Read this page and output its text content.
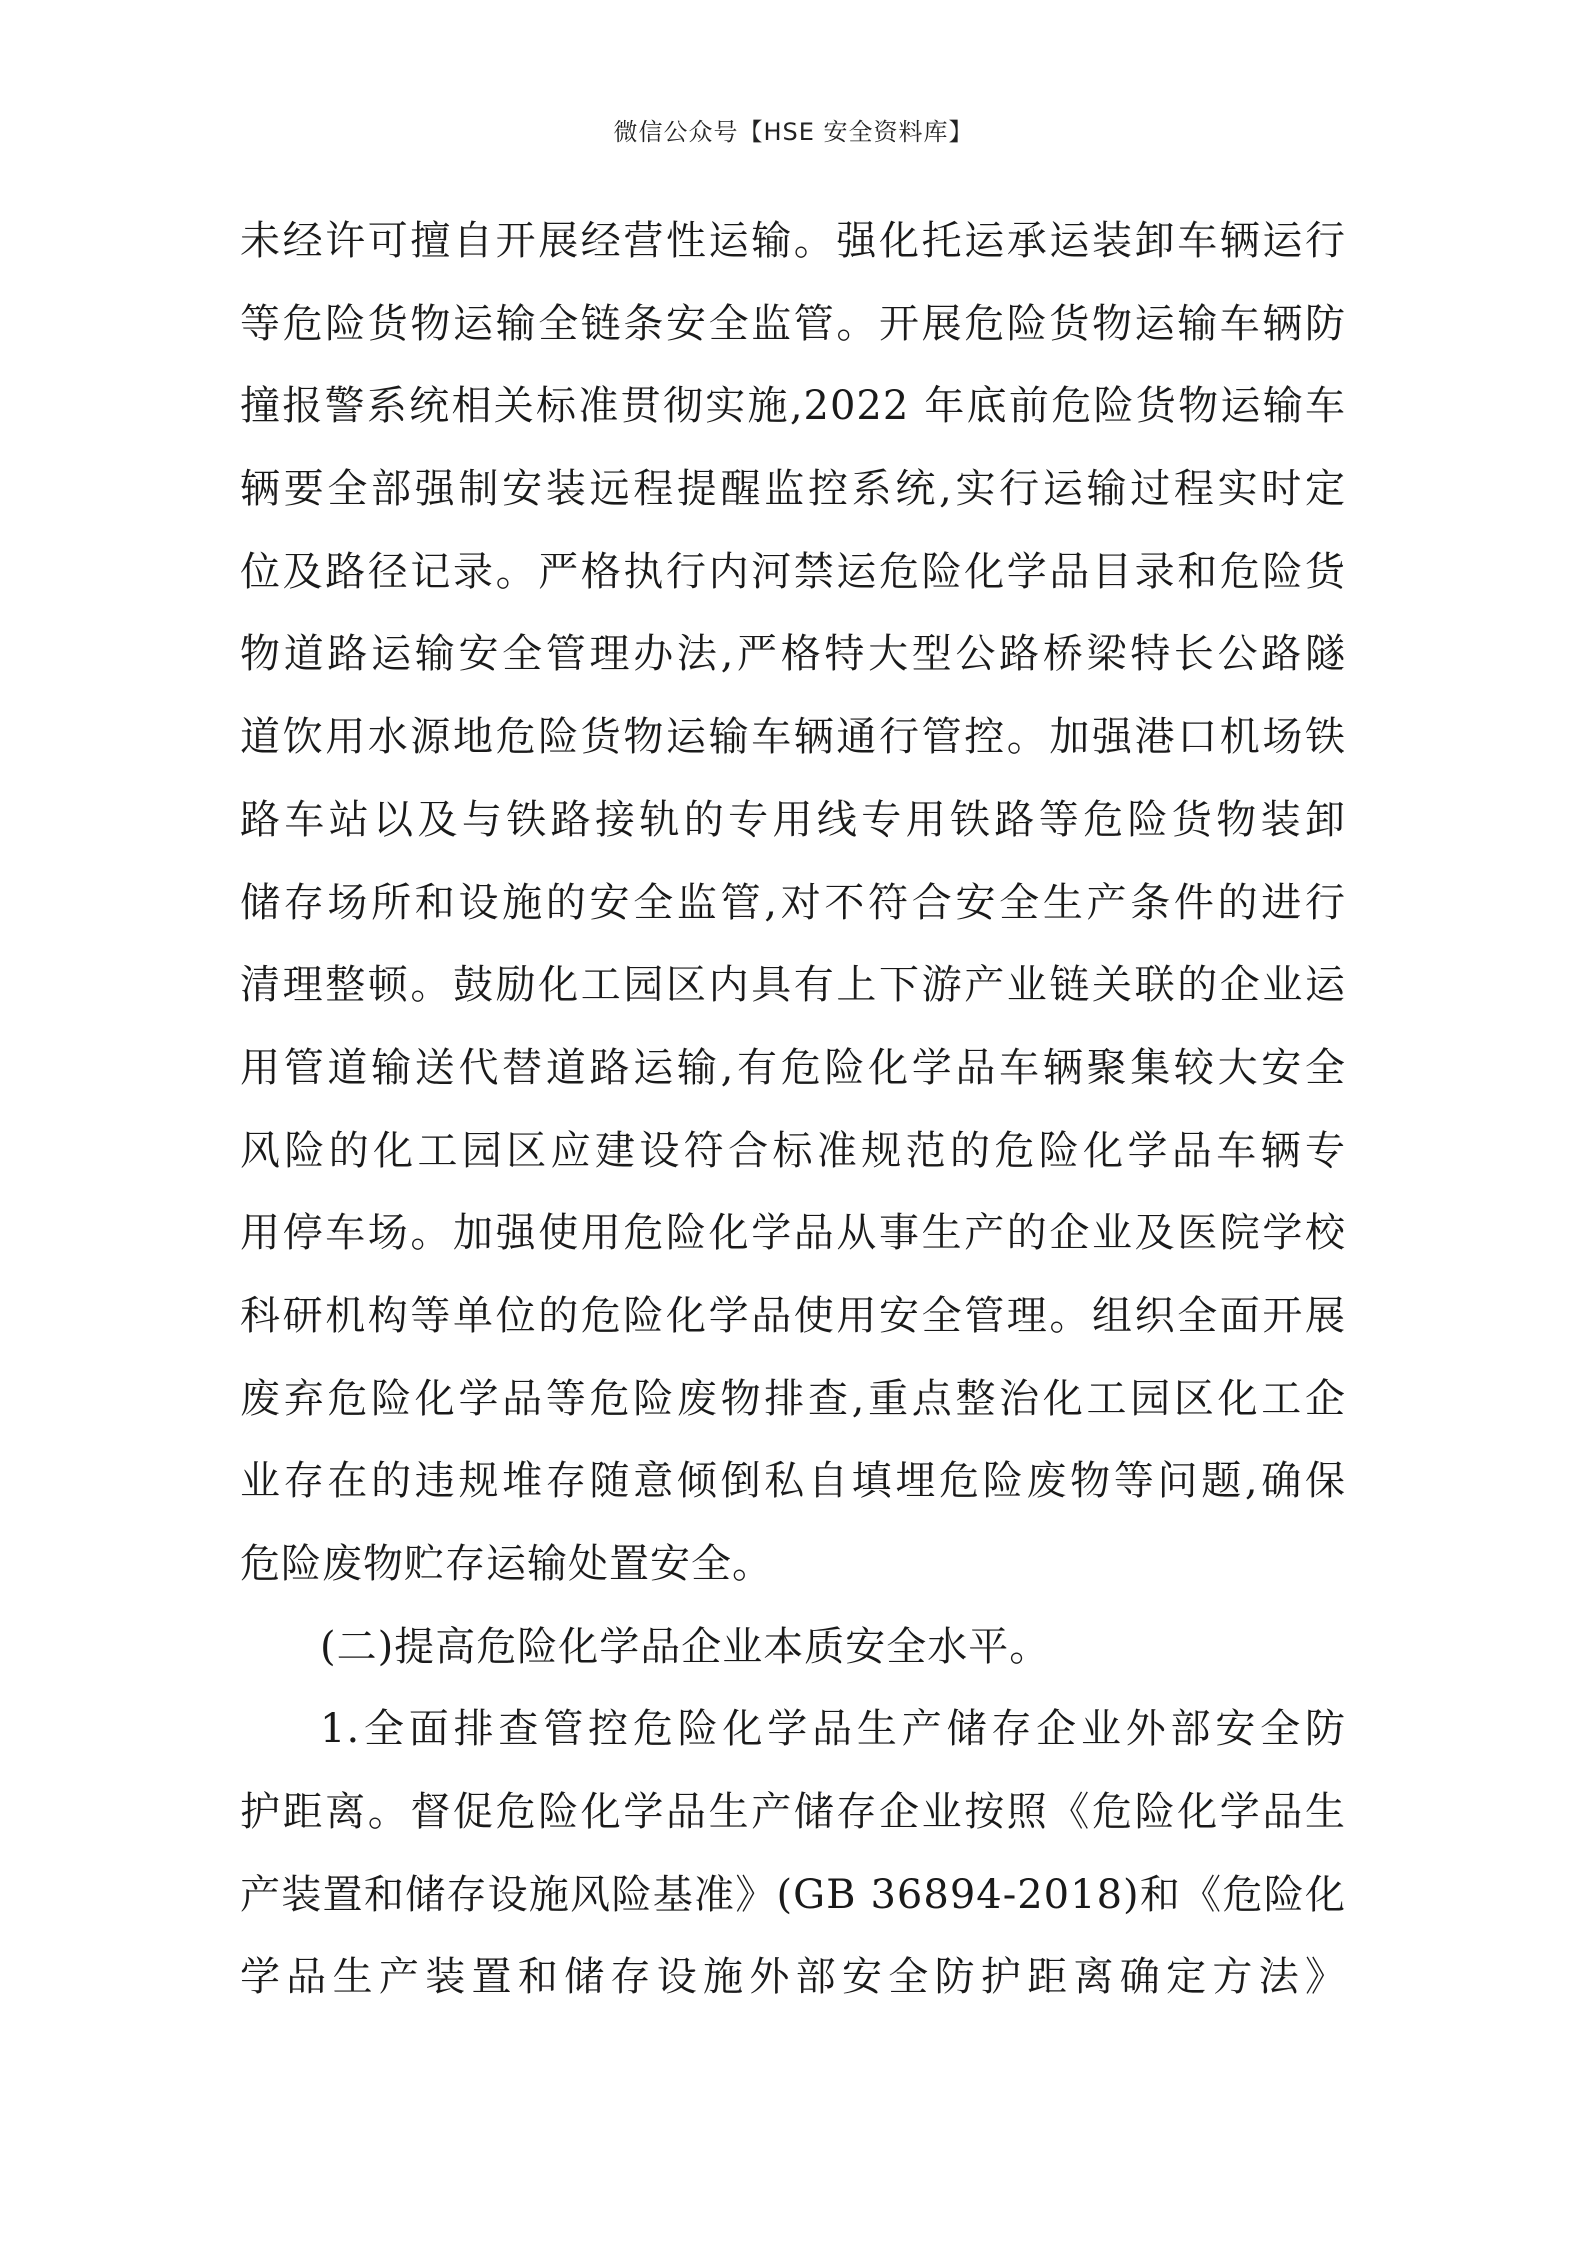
微信公众号【HSE 安全资料库】
未经许可擅自开展经营性运输。强化托运承运装卸车辆运行
等危险货物运输全链条安全监管。开展危险货物运输车辆防
撞报警系统相关标准贯彻实施,2022 年底前危险货物运输车
辆要全部强制安装远程提醒监控系统,实行运输过程实时定
位及路径记录。严格执行内河禁运危险化学品目录和危险货
物道路运输安全管理办法,严格特大型公路桥梁特长公路隧
道饮用水源地危险货物运输车辆通行管控。加强港口机场铁
路车站以及与铁路接轨的专用线专用铁路等危险货物装卸
储存场所和设施的安全监管,对不符合安全生产条件的进行
清理整顿。鼓励化工园区内具有上下游产业链关联的企业运
用管道输送代替道路运输,有危险化学品车辆聚集较大安全
风险的化工园区应建设符合标准规范的危险化学品车辆专
用停车场。加强使用危险化学品从事生产的企业及医院学校
科研机构等单位的危险化学品使用安全管理。组织全面开展
废弃危险化学品等危险废物排查,重点整治化工园区化工企
业存在的违规堆存随意倾倒私自填埋危险废物等问题,确保
危险废物贮存运输处置安全。
(二)提高危险化学品企业本质安全水平。
1.全面排查管控危险化学品生产储存企业外部安全防
护距离。督促危险化学品生产储存企业按照《危险化学品生
产装置和储存设施风险基准》(GB 36894-2018)和《危险化
学品生产装置和储存设施外部安全防护距离确定方法》
